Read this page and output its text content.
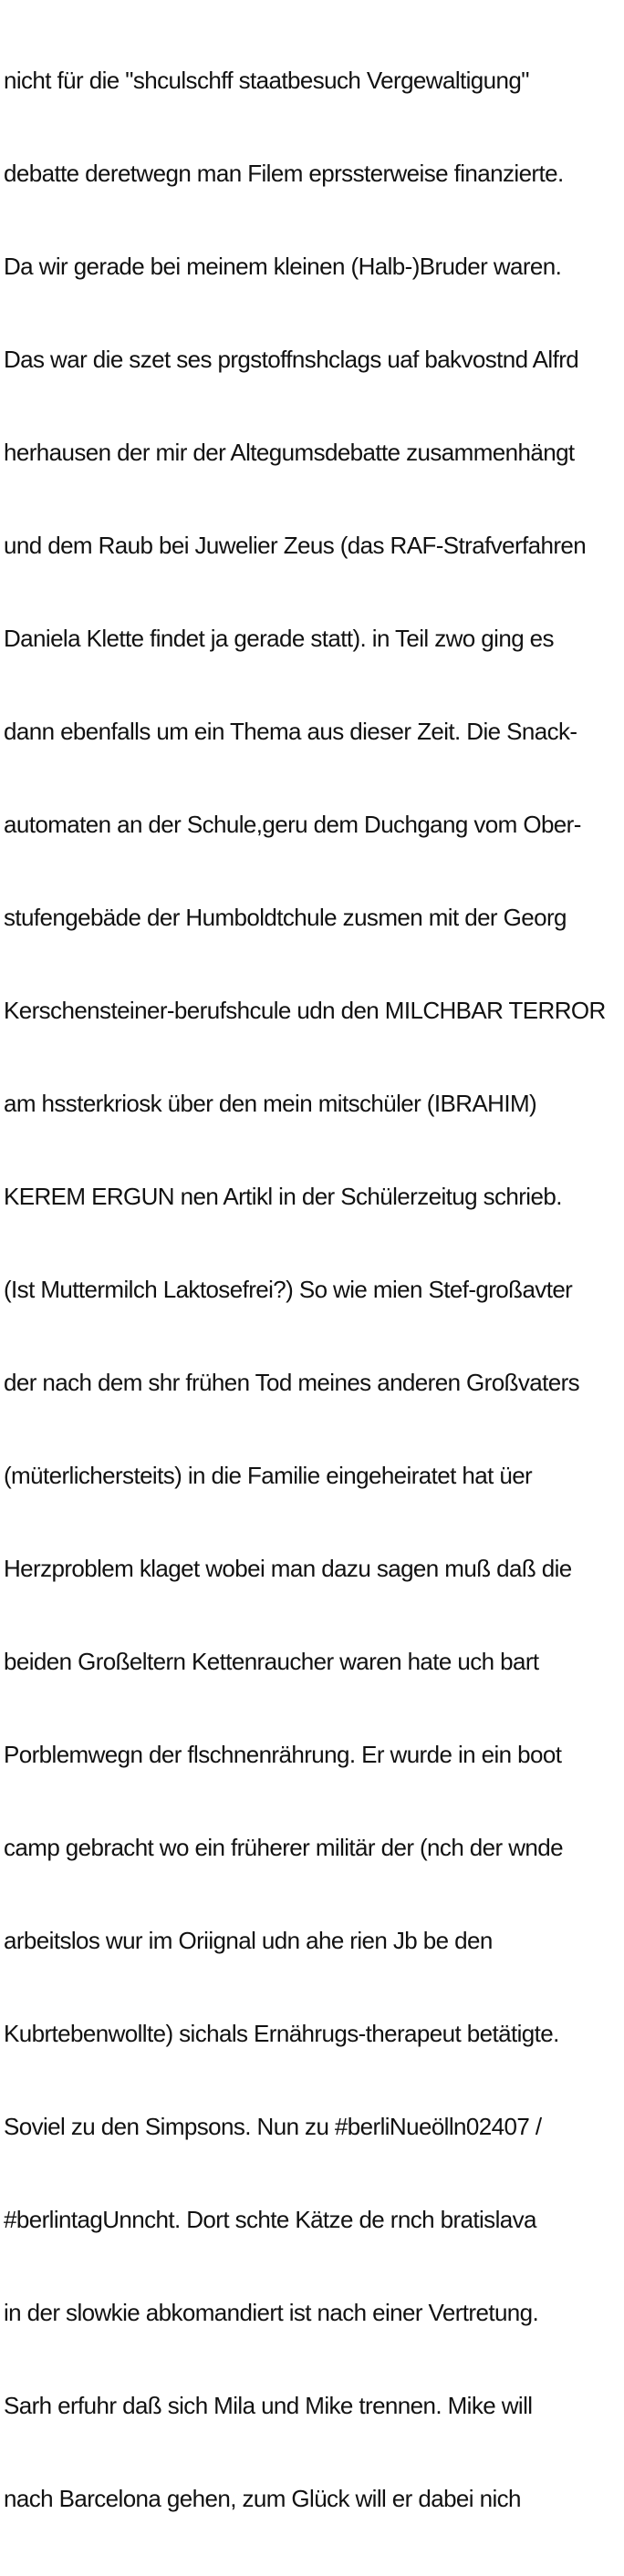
nicht für die "shculschff staatbesuch Vergewaltigung"

debatte deretwegn man Filem eprssterweise finanzierte.

Da wir gerade bei meinem kleinen (Halb-)Bruder waren.

Das war die szet ses prgstoffnshclags uaf bakvostnd Alfrd

herhausen der mir der Altegumsdebatte zusammenhängt

und dem Raub bei Juwelier Zeus (das RAF-Strafverfahren

Daniela Klette findet ja gerade statt). in Teil zwo ging es

dann ebenfalls um ein Thema aus dieser Zeit. Die Snack-

automaten an der Schule,geru dem Duchgang vom Ober-

stufengebäde der Humboldtchule zusmen mit der Georg

Kerschensteiner-berufshcule udn den MILCHBAR TERROR

am hssterkriosk über den mein mitschüler (IBRAHIM)

KEREM ERGUN nen Artikl in der Schülerzeitug schrieb.

(Ist Muttermilch Laktosefrei?) So wie mien Stef-großavter

der nach dem shr frühen Tod meines anderen Großvaters

(müterlichersteits) in die Familie eingeheiratet hat üer

Herzproblem klaget wobei man dazu sagen muß daß die

beiden Großeltern Kettenraucher waren hate uch bart

Porblemwegn der flschnenrährung. Er wurde in ein boot

camp gebracht wo ein früherer militär der (nch der wnde

arbeitslos wur im Oriignal udn ahe rien Jb be den

Kubrtebenwollte) sichals Ernährugs-therapeut betätigte.

Soviel zu den Simpsons. Nun zu #berliNueölln02407 /

#berlintagUnncht. Dort schte Kätze de rnch bratislava

in der slowkie abkomandiert ist nach einer Vertretung.

Sarh erfuhr daß sich Mila und Mike trennen. Mike will

nach Barcelona gehen, zum Glück will er dabei nich
